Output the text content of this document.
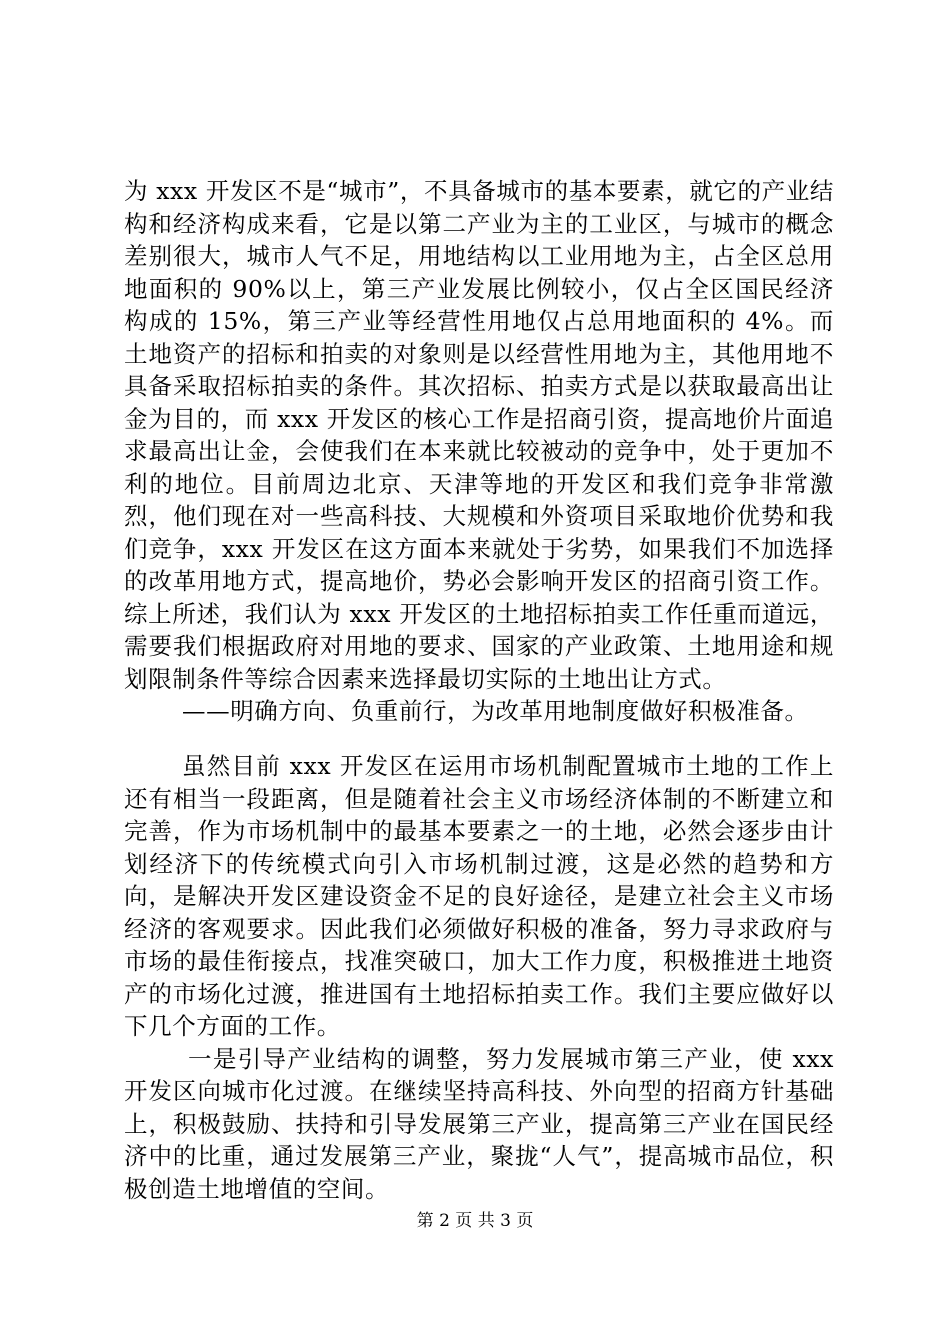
为 xxx 开发区不是“城市”，不具备城市的基本要素，就它的产业结构和经济构成来看，它是以第二产业为主的工业区，与城市的概念差别很大，城市人气不足，用地结构以工业用地为主，占全区总用地面积的 90%以上，第三产业发展比例较小，仅占全区国民经济构成的 15%，第三产业等经营性用地仅占总用地面积的 4%。而土地资产的招标和拍卖的对象则是以经营性用地为主，其他用地不具备采取招标拍卖的条件。其次招标、拍卖方式是以获取最高出让金为目的，而 xxx 开发区的核心工作是招商引资，提高地价片面追求最高出让金，会使我们在本来就比较被动的竞争中，处于更加不利的地位。目前周边北京、天津等地的开发区和我们竞争非常激烈，他们现在对一些高科技、大规模和外资项目采取地价优势和我们竞争，xxx 开发区在这方面本来就处于劣势，如果我们不加选择的改革用地方式，提高地价，势必会影响开发区的招商引资工作。综上所述，我们认为 xxx 开发区的土地招标拍卖工作任重而道远，需要我们根据政府对用地的要求、国家的产业政策、土地用途和规划限制条件等综合因素来选择最切实际的土地出让方式。

——明确方向、负重前行，为改革用地制度做好积极准备。

虽然目前 xxx 开发区在运用市场机制配置城市土地的工作上还有相当一段距离，但是随着社会主义市场经济体制的不断建立和完善，作为市场机制中的最基本要素之一的土地，必然会逐步由计划经济下的传统模式向引入市场机制过渡，这是必然的趋势和方向，是解决开发区建设资金不足的良好途径，是建立社会主义市场经济的客观要求。因此我们必须做好积极的准备，努力寻求政府与市场的最佳衔接点，找准突破口，加大工作力度，积极推进土地资产的市场化过渡，推进国有土地招标拍卖工作。我们主要应做好以下几个方面的工作。

一是引导产业结构的调整，努力发展城市第三产业，使 xxx 开发区向城市化过渡。在继续坚持高科技、外向型的招商方针基础上，积极鼓励、扶持和引导发展第三产业，提高第三产业在国民经济中的比重，通过发展第三产业，聚拢“人气”，提高城市品位，积极创造土地增值的空间。

第 2 页 共 3 页
